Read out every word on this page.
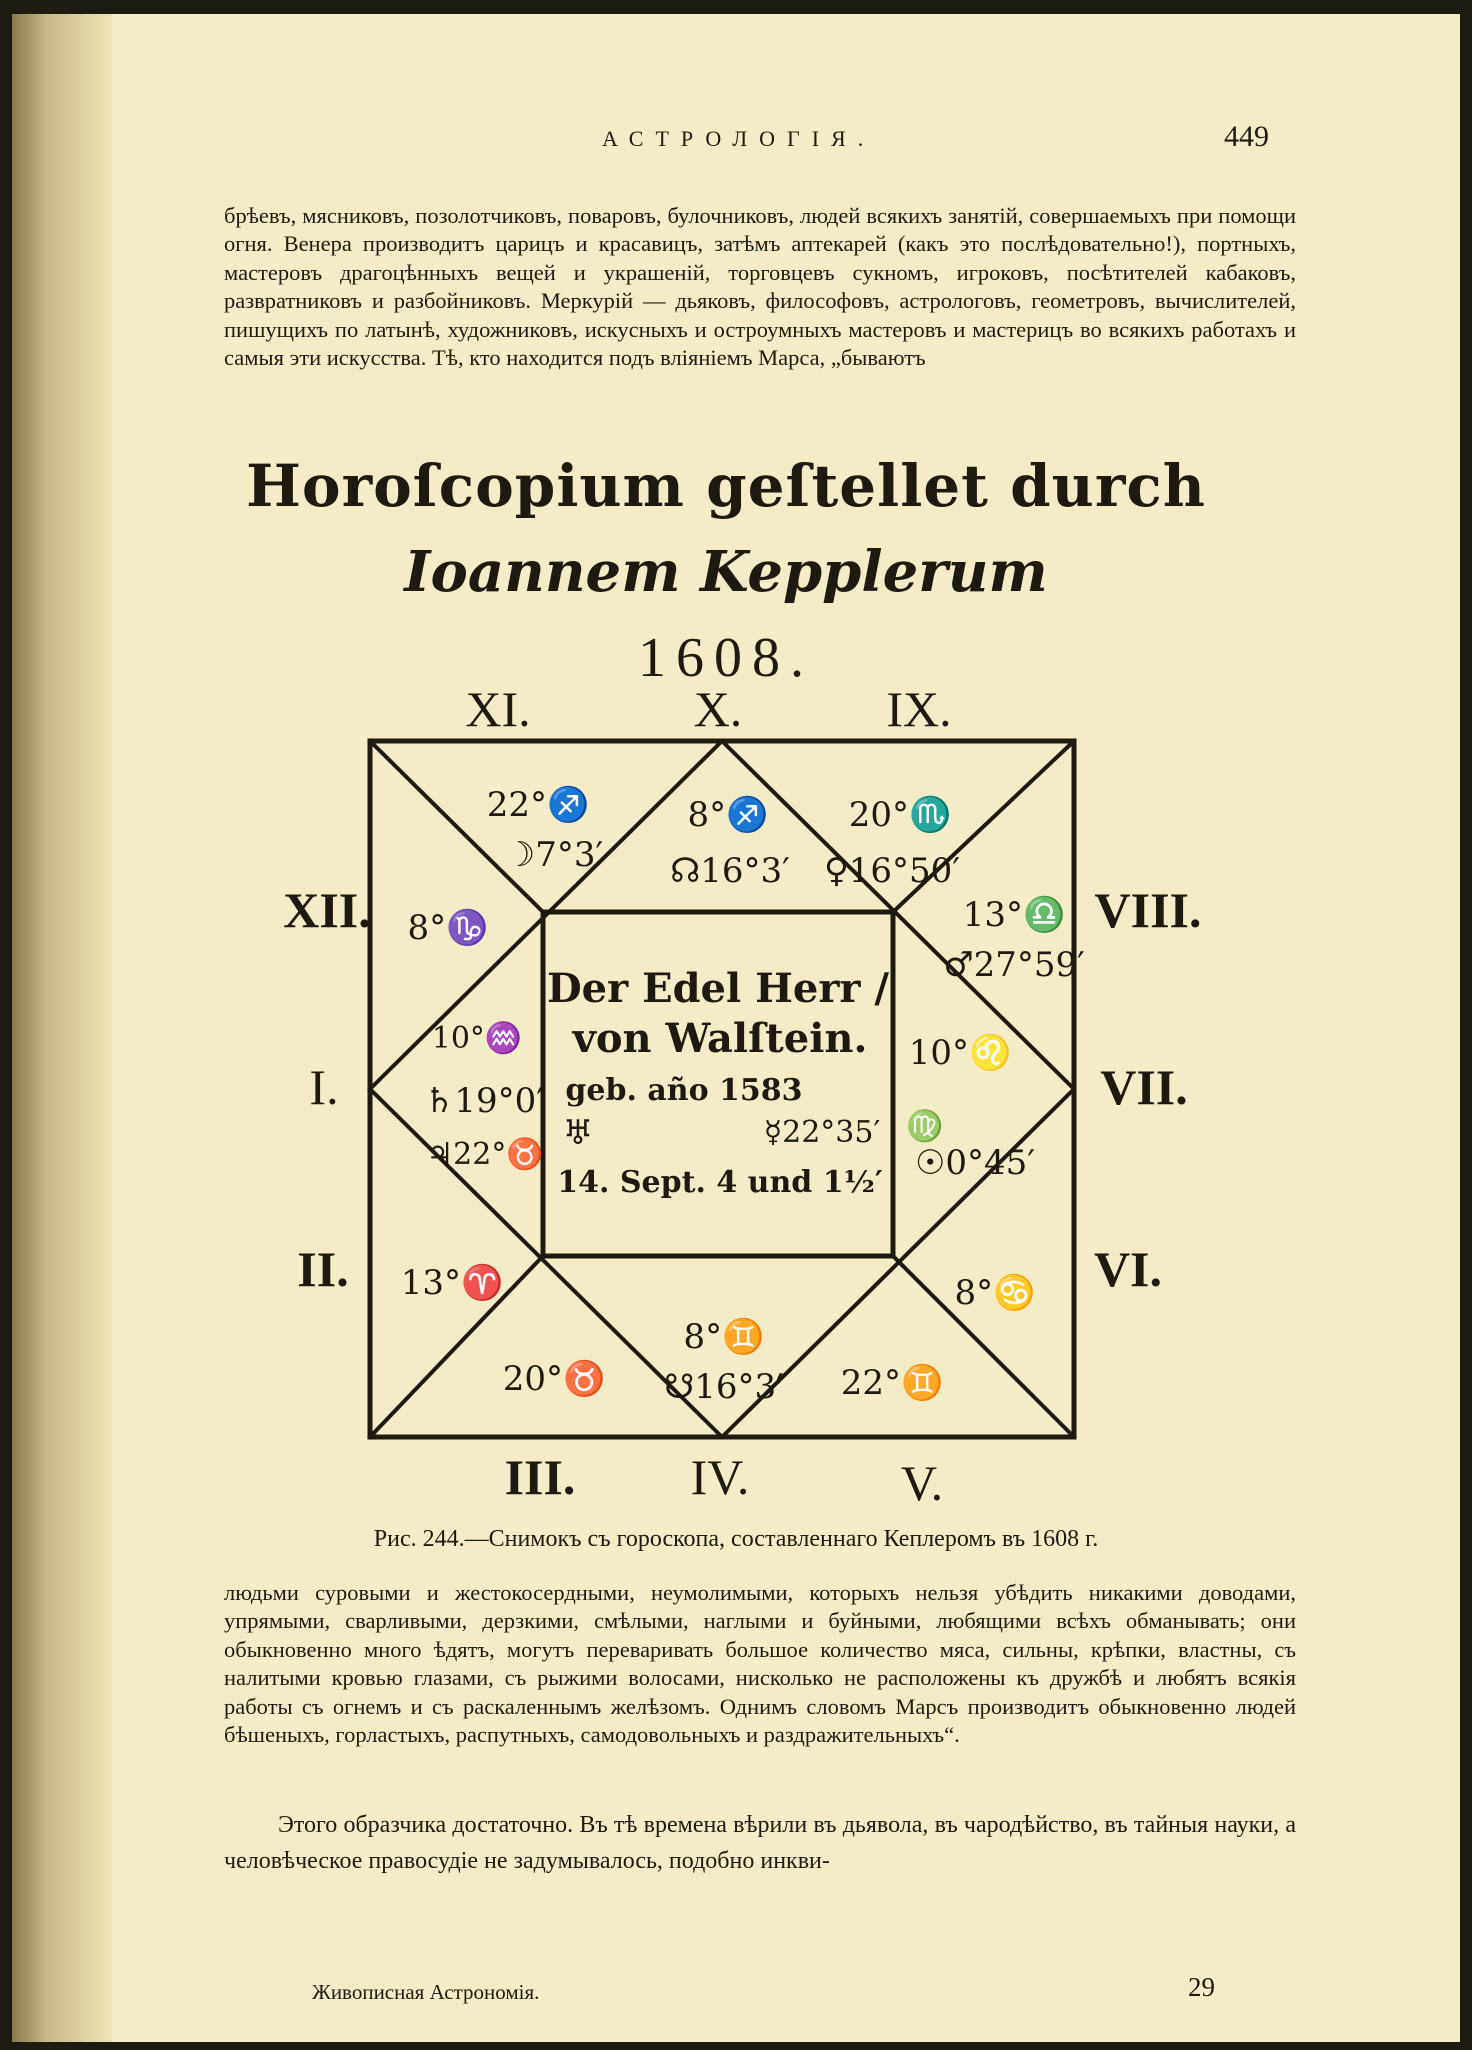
АСТРОЛОГІЯ.	449

брѣевъ, мясниковъ, позолотчиковъ, поваровъ, булочниковъ, людей всякихъ занятій, совершаемыхъ при помощи огня. Венера производитъ царицъ и красавицъ, затѣмъ аптекарей (какъ это послѣдовательно!), портныхъ, мастеровъ драгоцѣнныхъ вещей и украшеній, торговцевъ сукномъ, игроковъ, посѣтителей кабаковъ, развратниковъ и разбойниковъ. Меркурій — дьяковъ, философовъ, астрологовъ, геометровъ, вычислителей, пишущихъ по латынѣ, художниковъ, искусныхъ и остроумныхъ мастеровъ и мастерицъ во всякихъ работахъ и самыя эти искусства. Тѣ, кто находится подъ вліяніемъ Марса, „бываютъ

Horoſcopium geſtellet durch
Ioannem Kepplerum
1608.
XI.	X.	IX.
XII.	VIII.
I.	VII.
II.	VI.
III. IV.	V.
22°♐
☽7°3′
8°♐
☊16°3′
20°♏
♀16°50′
8°♑	13°♎
♂27°59′
10°♒
♄19°0′
♃22°♉
10°♌
♍
☉0°45′
13°♈	8°♋
20°♉
8°♊
☋16°3′ 22°♊
Der Edel Herr /
von Walſtein.
geb. año 1583
♅	☿22°35′
14. Sept. 4 und 1½′
Рис. 244.—Снимокъ съ гороскопа, составленнаго Кеплеромъ въ 1608 г.

людьми суровыми и жестокосердными, неумолимыми, которыхъ нельзя убѣдить никакими доводами, упрямыми, сварливыми, дерзкими, смѣлыми, наглыми и буйными, любящими всѣхъ обманывать; они обыкновенно много ѣдятъ, могутъ переваривать большое количество мяса, сильны, крѣпки, властны, съ налитыми кровью глазами, съ рыжими волосами, нисколько не расположены къ дружбѣ и любятъ всякія работы съ огнемъ и съ раскаленнымъ желѣзомъ. Однимъ словомъ Марсъ производитъ обыкновенно людей бѣшеныхъ, горластыхъ, распутныхъ, самодовольныхъ и раздражительныхъ“.

Этого образчика достаточно. Въ тѣ времена вѣрили въ дьявола, въ чародѣйство, въ тайныя науки, а человѣческое правосудіе не задумывалось, подобно инкви-

Живописная Астрономія.	29
